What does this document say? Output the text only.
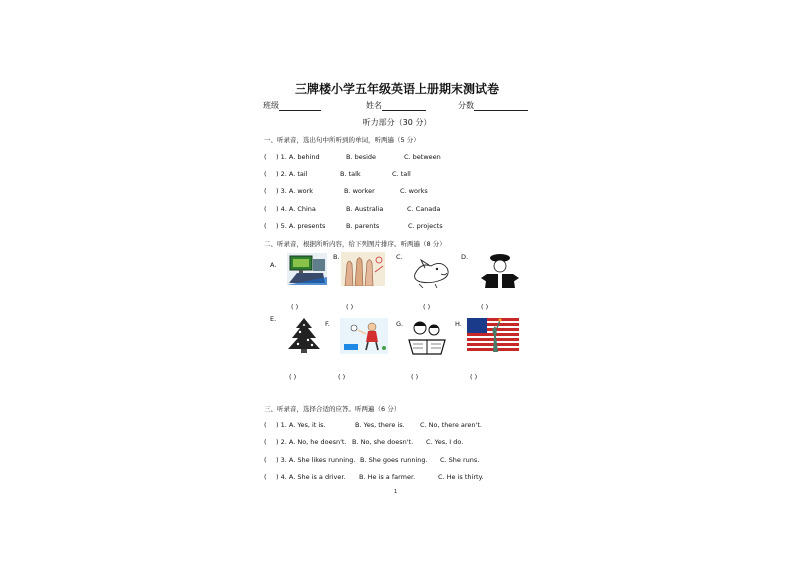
三牌楼小学五年级英语上册期末测试卷
班级	姓名	分数
听力部分（30 分）
一、听录音，选出句中所听到的单词，听两遍（5 分）
( ) 1. A. behind	B. beside	C. between
( ) 2. A. tail	B. talk	C. tall
( ) 3. A. work	B. worker	C. works
( ) 4. A. China	B. Australia	C. Canada
( ) 5. A. presents	B. parents	C. projects
二、听录音，根据所听内容，给下列图片排序。听两遍（8 分）
A.
B.	C.	D.
( )	( )	( )	( )
E.
F.	G.	H.
( )	( )	( )	( )
三、听录音，选择合适的应答。听两遍（6 分）
( ) 1. A. Yes, it is.	B. Yes, there is. C. No, there aren't.
( ) 2. A. No, he doesn't. B. No, she doesn't. C. Yes, I do.
( ) 3. A. She likes running. B. She goes running. C. She runs.
( ) 4. A. She is a driver. B. He is a farmer.	C. He is thirty.
1
